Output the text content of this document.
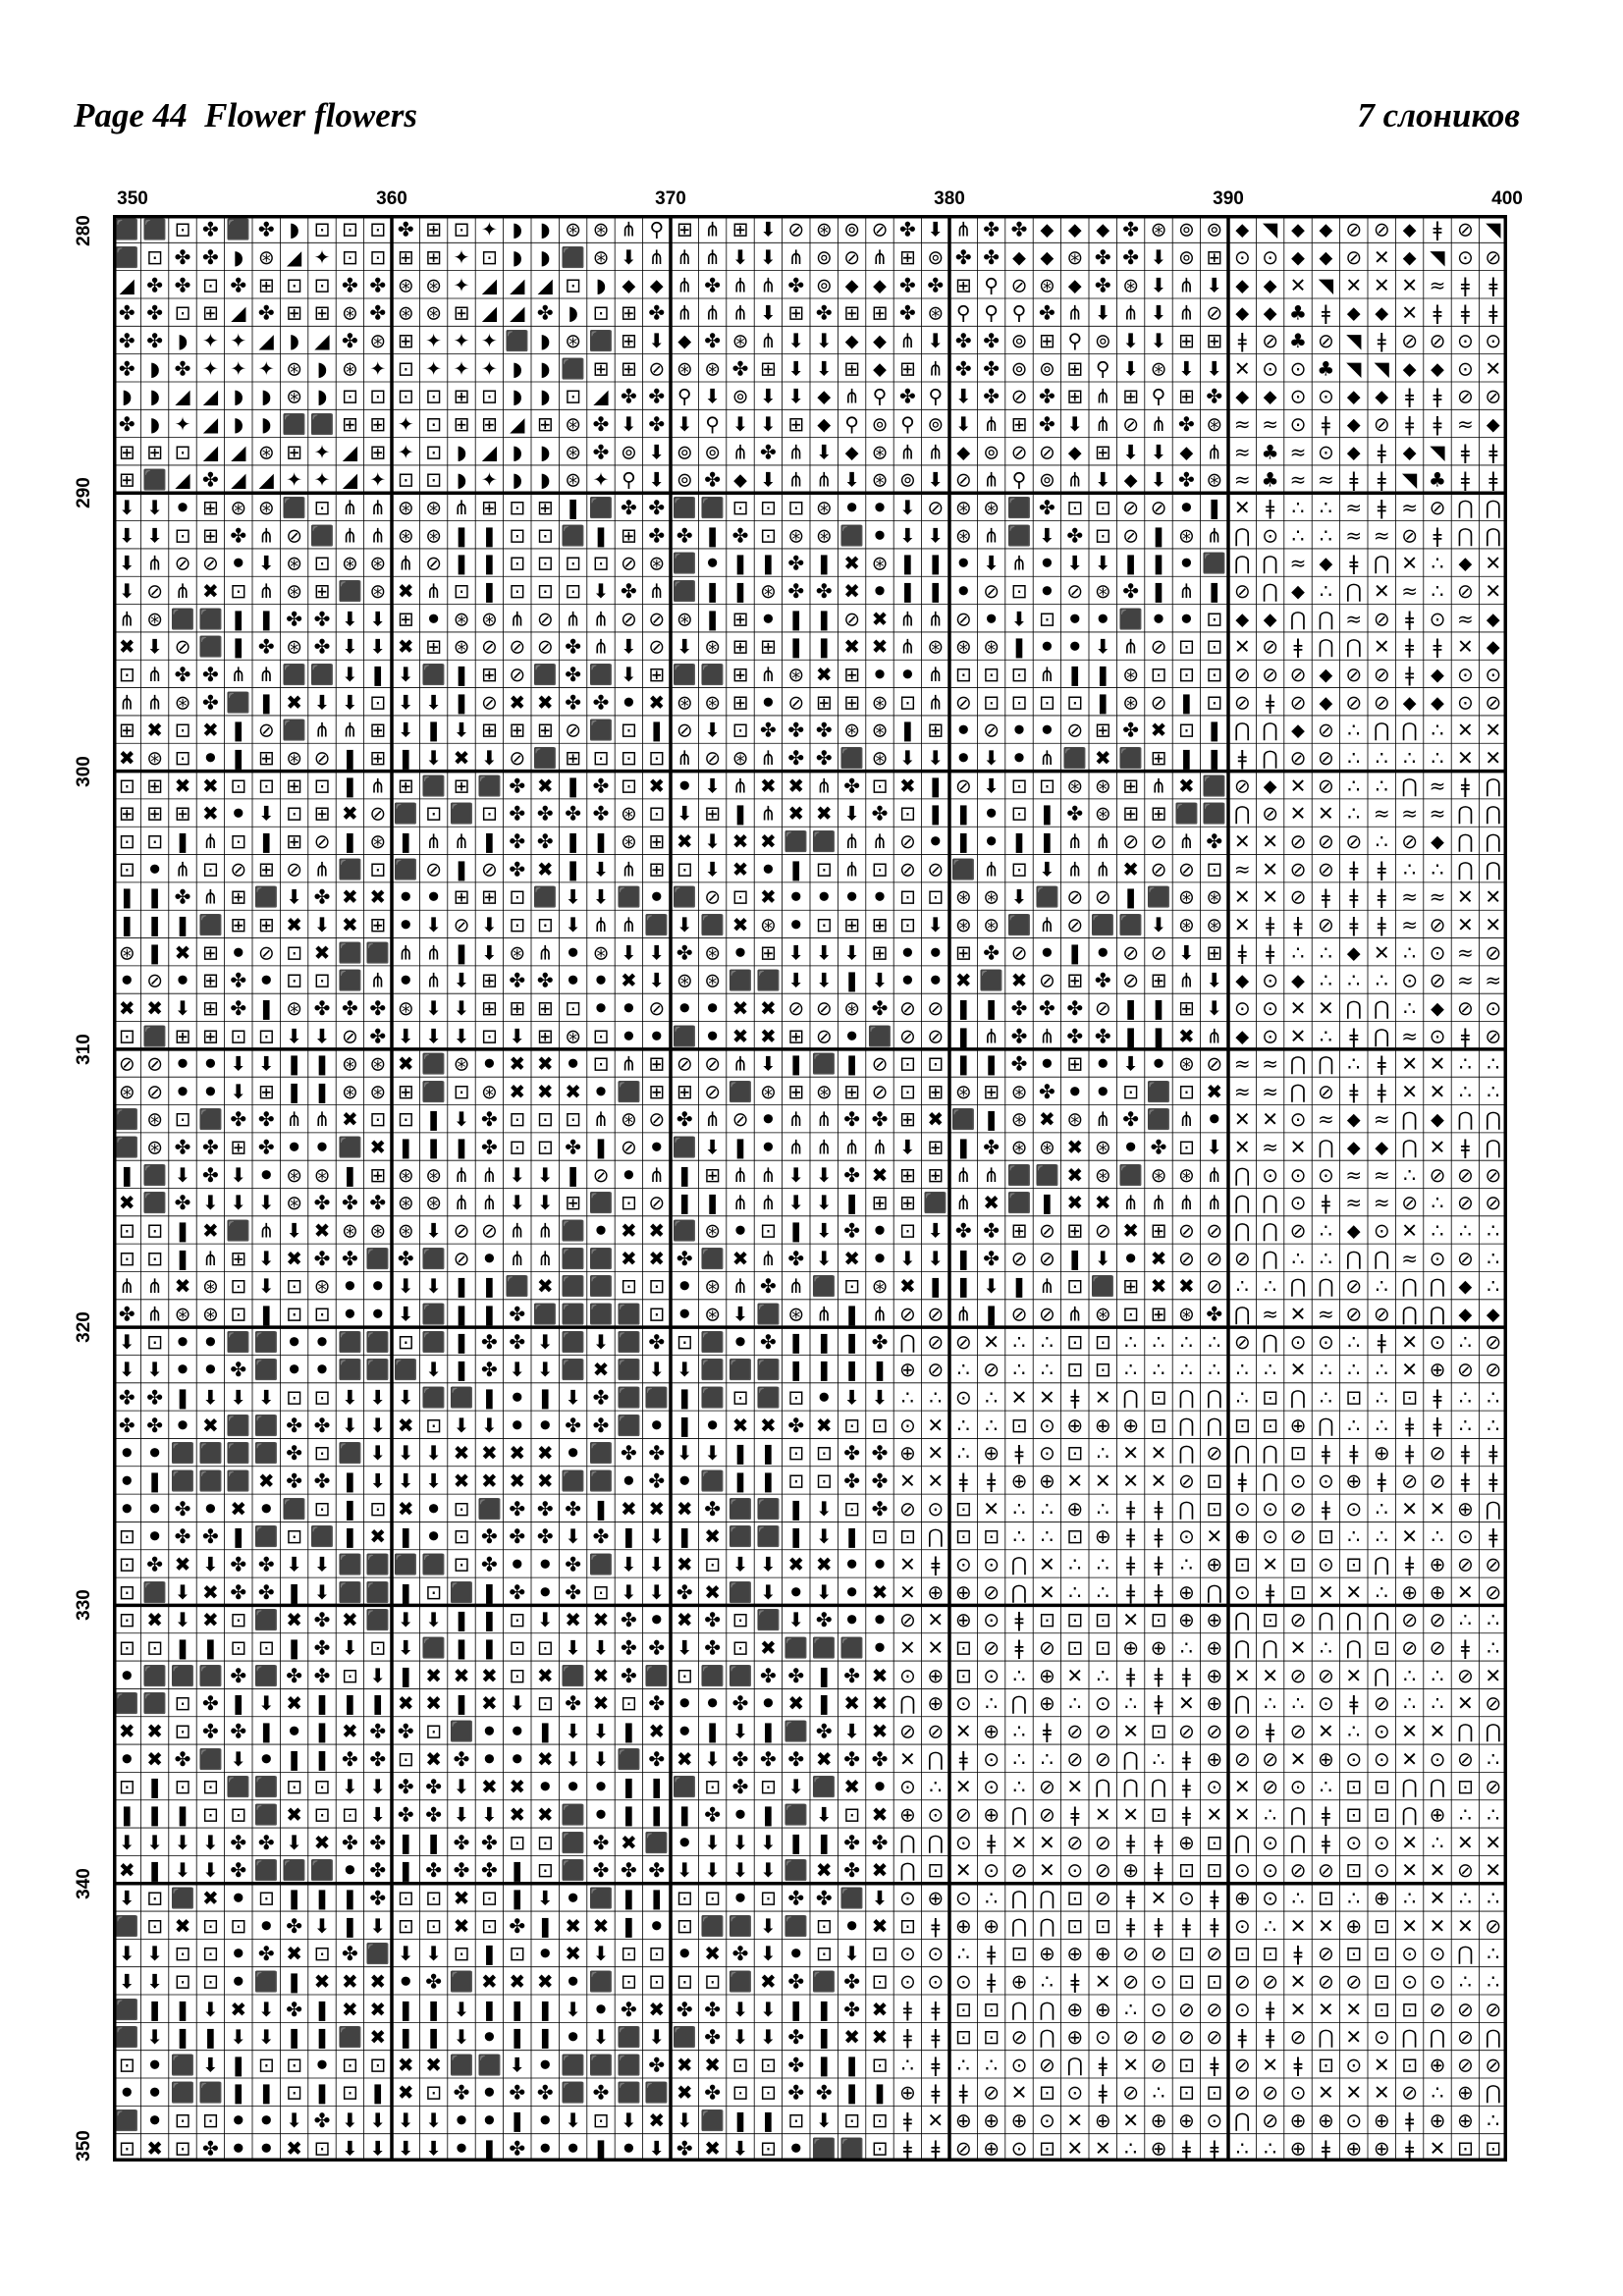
Page 44  Flower flowers	7 слоников
350	360	370	380	390	400
280
290
300
310
320
330
340
350
⬛ ⬛ ⊡ ✤ ⬛ ✤ ◗ ⊡ ⊡ ⊡ ✤ ⊞ ⊡ ✦ ◗ ◗ ⊛ ⊛ ⋔ ⚲ ⊞ ⋔ ⊞ ⬇ ⊘ ⊛ ⊚ ⊘ ✤ ⬇ ⋔ ✤ ✤ ⬥ ⬥ ⬥ ✤ ⊛ ⊚ ⊚ ⬥ ◥ ⬥ ⬥ ⊘ ⊘ ⬥ ǂ ⊘ ◥
⬛ ⊡ ✤ ✤ ◗ ⊛ ◢ ✦ ⊡ ⊡ ⊞ ⊞ ✦ ⊡ ◗ ◗ ⬛ ⊛ ⬇ ⋔ ⋔ ⋔ ⬇ ⬇ ⋔ ⊚ ⊘ ⋔ ⊞ ⊚ ✤ ✤ ⬥ ⬥ ⊛ ✤ ✤ ⬇ ⊚ ⊞ ⊙ ⊙ ⬥ ⬥ ⊘ ✕ ⬥ ◥ ⊙ ⊘
◢ ✤ ✤ ⊡ ✤ ⊞ ⊡ ⊡ ✤ ✤ ⊛ ⊛ ✦ ◢ ◢ ◢ ⊡ ◗ ⬥ ⬥ ⋔ ✤ ⋔ ⋔ ✤ ⊚ ⬥ ⬥ ✤ ✤ ⊞ ⚲ ⊘ ⊛ ⬥ ✤ ⊛ ⬇ ⋔ ⬇ ⬥ ⬥ ✕ ◥ ✕ ✕ ✕ ≈ ǂ ǂ
✤ ✤ ⊡ ⊞ ◢ ✤ ⊞ ⊞ ⊛ ✤ ⊛ ⊛ ⊞ ◢ ◢ ✤ ◗ ⊡ ⊞ ✤ ⋔ ⋔ ⋔ ⬇ ⊞ ✤ ⊞ ⊞ ✤ ⊛ ⚲ ⚲ ⚲ ✤ ⋔ ⬇ ⋔ ⬇ ⋔ ⊘ ⬥ ⬥ ♣ ǂ ⬥ ⬥ ✕ ǂ ǂ ǂ
✤ ✤ ◗ ✦ ✦ ◢ ◗ ◢ ✤ ⊛ ⊞ ✦ ✦ ✦ ⬛ ◗ ⊛ ⬛ ⊞ ⬇ ⬥ ✤ ⊛ ⋔ ⬇ ⬇ ⬥ ⬥ ⋔ ⬇ ✤ ✤ ⊚ ⊞ ⚲ ⊚ ⬇ ⬇ ⊞ ⊞ ǂ ⊘ ♣ ⊘ ◥ ǂ ⊘ ⊘ ⊙ ⊙
✤ ◗ ✤ ✦ ✦ ✦ ⊛ ◗ ⊛ ✦ ⊡ ✦ ✦ ✦ ◗ ◗ ⬛ ⊞ ⊞ ⊘ ⊛ ⊛ ✤ ⊞ ⬇ ⬇ ⊞ ⬥ ⊞ ⋔ ✤ ✤ ⊚ ⊚ ⊞ ⚲ ⬇ ⊛ ⬇ ⬇ ✕ ⊙ ⊙ ♣ ◥ ◥ ⬥ ⬥ ⊙ ✕
◗ ◗ ◢ ◢ ◗ ◗ ⊛ ◗ ⊡ ⊡ ⊡ ⊡ ⊞ ⊡ ◗ ◗ ⊡ ◢ ✤ ✤ ⚲ ⬇ ⊚ ⬇ ⬇ ⬥ ⋔ ⚲ ✤ ⚲ ⬇ ✤ ⊘ ✤ ⊞ ⋔ ⊞ ⚲ ⊞ ✤ ⬥ ⬥ ⊙ ⊙ ⬥ ⬥ ǂ ǂ ⊘ ⊘
✤ ◗ ✦ ◢ ◗ ◗ ⬛ ⬛ ⊞ ⊞ ✦ ⊡ ⊞ ⊞ ◢ ⊞ ⊛ ✤ ⬇ ✤ ⬇ ⚲ ⬇ ⬇ ⊞ ⬥ ⚲ ⊚ ⚲ ⊚ ⬇ ⋔ ⊞ ✤ ⬇ ⋔ ⊘ ⋔ ✤ ⊛ ≈ ≈ ⊙ ǂ ⬥ ⊘ ǂ ǂ ≈ ⬥
⊞ ⊞ ⊡ ◢ ◢ ⊛ ⊞ ✦ ◢ ⊞ ✦ ⊡ ◗ ◢ ◗ ◗ ⊛ ✤ ⊚ ⬇ ⊚ ⊚ ⋔ ✤ ⋔ ⬇ ⬥ ⊛ ⋔ ⋔ ⬥ ⊚ ⊘ ⊘ ⬥ ⊞ ⬇ ⬇ ⬥ ⋔ ≈ ♣ ≈ ⊙ ⬥ ǂ ⬥ ◥ ǂ ǂ
⊞ ⬛ ◢ ✤ ◢ ◢ ✦ ✦ ◢ ✦ ⊡ ⊡ ◗ ✦ ◗ ◗ ⊛ ✦ ⚲ ⬇ ⊚ ✤ ⬥ ⬇ ⋔ ⋔ ⬇ ⊛ ⊚ ⬇ ⊘ ⋔ ⚲ ⊚ ⋔ ⬇ ⬥ ⬇ ✤ ⊛ ≈ ♣ ≈ ≈ ǂ ǂ ◥ ♣ ǂ ǂ
⬇ ⬇ ⚫ ⊞ ⊛ ⊛ ⬛ ⊡ ⋔ ⋔ ⊛ ⊛ ⋔ ⊞ ⊡ ⊞ ❚ ⬛ ✤ ✤ ⬛ ⬛ ⊡ ⊡ ⊡ ⊛ ⚫ ⚫ ⬇ ⊘ ⊛ ⊛ ⬛ ✤ ⊡ ⊡ ⊘ ⊘ ⚫ ❚ ✕ ǂ ∴ ∴ ≈ ǂ ≈ ⊘ ⋂ ⋂
⬇ ⬇ ⊡ ⊞ ✤ ⋔ ⊘ ⬛ ⋔ ⋔ ⊛ ⊛ ❚ ❚ ⊡ ⊡ ⬛ ❚ ⊞ ✤ ✤ ❚ ✤ ⊡ ⊛ ⊛ ⬛ ⚫ ⬇ ⬇ ⊛ ⋔ ⬛ ⬇ ✤ ⊡ ⊘ ❚ ⊛ ⋔ ⋂ ⊙ ∴ ∴ ≈ ≈ ⊘ ǂ ⋂ ⋂
⬇ ⋔ ⊘ ⊘ ⚫ ⬇ ⊛ ⊡ ⊛ ⊛ ⋔ ⊘ ❚ ❚ ⊡ ⊡ ⊡ ⊡ ⊘ ⊛ ⬛ ⚫ ❚ ❚ ✤ ❚ ✖ ⊛ ❚ ❚ ⚫ ⬇ ⋔ ⚫ ⬇ ⬇ ❚ ❚ ⚫ ⬛ ⋂ ⋂ ≈ ⬥ ǂ ⋂ ✕ ∴ ⬥ ✕
⬇ ⊘ ⋔ ✖ ⊡ ⋔ ⊛ ⊞ ⬛ ⊛ ✖ ⋔ ⊡ ❚ ⊡ ⊡ ⊡ ⬇ ✤ ⋔ ⬛ ❚ ❚ ⊛ ✤ ✤ ✖ ⚫ ❚ ❚ ⚫ ⊘ ⊡ ⚫ ⊘ ⊛ ✤ ❚ ⋔ ❚ ⊘ ⋂ ⬥ ∴ ⋂ ✕ ≈ ∴ ⊘ ✕
⋔ ⊛ ⬛ ⬛ ❚ ❚ ✤ ✤ ⬇ ⬇ ⊞ ⚫ ⊛ ⊛ ⋔ ⊘ ⋔ ⋔ ⊘ ⊘ ⊛ ❚ ⊞ ⚫ ❚ ❚ ⊘ ✖ ⋔ ⋔ ⊘ ⚫ ⬇ ⊡ ⚫ ⚫ ⬛ ⚫ ⚫ ⊡ ⬥ ⬥ ⋂ ⋂ ≈ ⊘ ǂ ⊙ ≈ ⬥
✖ ⬇ ⊘ ⬛ ❚ ✤ ⊛ ✤ ⬇ ⬇ ✖ ⊞ ⊛ ⊘ ⊘ ⊘ ✤ ⋔ ⬇ ⊘ ⬇ ⊛ ⊞ ⊞ ❚ ❚ ✖ ✖ ⋔ ⊛ ⊛ ⊛ ❚ ⚫ ⚫ ⬇ ⋔ ⊘ ⊡ ⊡ ✕ ⊘ ǂ ⋂ ⋂ ✕ ǂ ǂ ✕ ⬥
⊡ ⋔ ✤ ✤ ⋔ ⋔ ⬛ ⬛ ⬇ ❚ ⬇ ⬛ ❚ ⊞ ⊘ ⬛ ✤ ⬛ ⬇ ⊞ ⬛ ⬛ ⊞ ⋔ ⊛ ✖ ⊞ ⚫ ⚫ ⋔ ⊡ ⊡ ⊡ ⋔ ❚ ❚ ⊛ ⊡ ⊡ ⊡ ⊘ ⊘ ⊘ ⬥ ⊘ ⊘ ǂ ⬥ ⊙ ⊙
⋔ ⋔ ⊛ ✤ ⬛ ❚ ✖ ⬇ ⬇ ⊡ ⬇ ⬇ ❚ ⊘ ✖ ✖ ✤ ✤ ⚫ ✖ ⊛ ⊛ ⊞ ⚫ ⊘ ⊞ ⊞ ⊛ ⊡ ⋔ ⊘ ⊡ ⊡ ⊡ ⊡ ❚ ⊛ ⊘ ❚ ⊡ ⊘ ǂ ⊘ ⬥ ⊘ ⊘ ⬥ ⬥ ⊙ ⊘
⊞ ✖ ⊡ ✖ ❚ ⊘ ⬛ ⋔ ⋔ ⊞ ⬇ ❚ ⬇ ⊞ ⊞ ⊞ ⊘ ⬛ ⊡ ❚ ⊘ ⬇ ⊡ ✤ ✤ ✤ ⊛ ⊛ ❚ ⊞ ⚫ ⊘ ⚫ ⚫ ⊘ ⊞ ✤ ✖ ⊡ ❚ ⋂ ⋂ ⬥ ⊘ ∴ ⋂ ⋂ ∴ ✕ ✕
✖ ⊛ ⊡ ⚫ ❚ ⊞ ⊛ ⊘ ❚ ⊞ ❚ ⬇ ✖ ⬇ ⊘ ⬛ ⊞ ⊡ ⊡ ⊡ ⋔ ⊘ ⊛ ⋔ ✤ ✤ ⬛ ⊛ ⬇ ⬇ ⚫ ⬇ ⚫ ⋔ ⬛ ✖ ⬛ ⊞ ❚ ❚ ǂ ⋂ ⊘ ⊘ ∴ ∴ ∴ ∴ ✕ ✕
⊡ ⊞ ✖ ✖ ⊡ ⊡ ⊞ ⊡ ❚ ⋔ ⊞ ⬛ ⊞ ⬛ ✤ ✖ ❚ ✤ ⊡ ✖ ⚫ ⬇ ⋔ ✖ ✖ ⋔ ✤ ⊡ ✖ ❚ ⊘ ⬇ ⊡ ⊡ ⊛ ⊛ ⊞ ⋔ ✖ ⬛ ⊘ ⬥ ✕ ⊘ ∴ ∴ ⋂ ≈ ǂ ⋂
⊞ ⊞ ⊞ ✖ ⚫ ⬇ ⊡ ⊞ ✖ ⊘ ⬛ ⊡ ⬛ ⊡ ✤ ✤ ✤ ✤ ⊛ ⊡ ⬇ ⊞ ❚ ⋔ ✖ ✖ ⬇ ✤ ⊡ ❚ ❚ ⚫ ⊡ ❚ ✤ ⊛ ⊞ ⊞ ⬛ ⬛ ⋂ ⊘ ✕ ✕ ∴ ≈ ≈ ≈ ⋂ ⋂
⊡ ⊡ ❚ ⋔ ⊡ ❚ ⊞ ⊘ ❚ ⊛ ❚ ⋔ ⋔ ❚ ✤ ✤ ❚ ❚ ⊛ ⊞ ✖ ⬇ ✖ ✖ ⬛ ⬛ ⋔ ⋔ ⊘ ⚫ ❚ ⚫ ❚ ❚ ⋔ ⋔ ⊘ ⊘ ⋔ ✤ ✕ ✕ ⊘ ⊘ ⊘ ∴ ⊘ ⬥ ⋂ ⋂
⊡ ⚫ ⋔ ⊡ ⊘ ⊞ ⊘ ⋔ ⬛ ⊡ ⬛ ⊘ ❚ ⊘ ✤ ✖ ❚ ⬇ ⋔ ⊞ ⊡ ⬇ ✖ ⚫ ❚ ⊡ ⋔ ⊡ ⊘ ⊘ ⬛ ⋔ ⊡ ⬇ ⋔ ⋔ ✖ ⊘ ⊘ ⊡ ≈ ✕ ⊘ ⊘ ǂ ǂ ∴ ∴ ⋂ ⋂
❚ ❚ ✤ ⋔ ⊞ ⬛ ⬇ ✤ ✖ ✖ ⚫ ⚫ ⊞ ⊞ ⊡ ⬛ ⬇ ⬇ ⬛ ⚫ ⬛ ⊘ ⊡ ✖ ⚫ ⚫ ⚫ ⚫ ⊡ ⊡ ⊛ ⊛ ⬇ ⬛ ⊘ ⊘ ❚ ⬛ ⊛ ⊛ ✕ ✕ ⊘ ǂ ǂ ǂ ≈ ≈ ✕ ✕
❚ ❚ ❚ ⬛ ⊞ ⊞ ✖ ⬇ ✖ ⊞ ⚫ ⬇ ⊘ ⬇ ⊡ ⊡ ⬇ ⋔ ⋔ ⬛ ⬇ ⬛ ✖ ⊛ ⚫ ⊡ ⊞ ⊞ ⊡ ⬇ ⊛ ⊛ ⬛ ⋔ ⊘ ⬛ ⬛ ⬇ ⊛ ⊛ ✕ ǂ ǂ ⊘ ǂ ǂ ≈ ⊘ ✕ ✕
⊛ ❚ ✖ ⊞ ⚫ ⊘ ⊡ ✖ ⬛ ⬛ ⋔ ⋔ ❚ ⬇ ⊛ ⋔ ⚫ ⊛ ⬇ ⬇ ✤ ⊛ ⚫ ⊞ ⬇ ⬇ ⬇ ⊞ ⚫ ⚫ ⊞ ✤ ⊘ ⚫ ❚ ⚫ ⊘ ⊘ ⬇ ⊞ ǂ ǂ ∴ ∴ ⬥ ✕ ∴ ⊙ ≈ ⊘
⚫ ⊘ ⚫ ⊞ ✤ ⚫ ⊡ ⊡ ⬛ ⋔ ⚫ ⋔ ⬇ ⊞ ✤ ✤ ⚫ ⚫ ✖ ⬇ ⊛ ⊛ ⬛ ⬛ ⬇ ⬇ ❚ ⬇ ⚫ ⚫ ✖ ⬛ ✖ ⊘ ⊞ ✤ ⊘ ⊞ ⋔ ⬇ ⬥ ⊙ ⬥ ∴ ∴ ∴ ⊙ ⊘ ≈ ≈
✖ ✖ ⬇ ⊞ ✤ ❚ ⊛ ✤ ✤ ✤ ⊛ ⬇ ⬇ ⊞ ⊞ ⊞ ⊡ ⚫ ⚫ ⊘ ⚫ ⚫ ✖ ✖ ⊘ ⊘ ⊛ ✤ ⊘ ⊘ ❚ ❚ ✤ ✤ ✤ ⊘ ❚ ❚ ⊞ ⬇ ⊙ ⊙ ✕ ✕ ⋂ ⋂ ∴ ⬥ ⊘ ⊙
⊡ ⬛ ⊞ ⊞ ⊡ ⊡ ⬇ ⬇ ⊘ ✤ ⬇ ⬇ ⬇ ⊡ ⬇ ⊞ ⊛ ⊡ ⚫ ⚫ ⬛ ⚫ ✖ ✖ ⊞ ⊘ ⚫ ⬛ ⊘ ⊘ ❚ ⋔ ✤ ⋔ ✤ ✤ ❚ ❚ ✖ ⋔ ⬥ ⊙ ✕ ∴ ǂ ⋂ ≈ ⊙ ǂ ⊘
⊘ ⊘ ⚫ ⚫ ⬇ ⬇ ❚ ❚ ⊛ ⊛ ✖ ⬛ ⊛ ⚫ ✖ ✖ ⚫ ⊡ ⋔ ⊞ ⊘ ⊘ ⋔ ⬇ ❚ ⬛ ❚ ⊘ ⊡ ⊡ ❚ ❚ ✤ ⚫ ⊞ ⚫ ⬇ ⚫ ⊛ ⊘ ≈ ≈ ⋂ ⋂ ∴ ǂ ✕ ✕ ∴ ∴
⊛ ⊘ ⚫ ⚫ ⬇ ⊞ ❚ ❚ ⊛ ⊛ ⊞ ⬛ ⊡ ⊛ ✖ ✖ ✖ ⚫ ⬛ ⊞ ⊞ ⊘ ⬛ ⊛ ⊞ ⊛ ⊞ ⊘ ⊡ ⊞ ⊛ ⊞ ⊛ ✤ ⚫ ⚫ ⊡ ⬛ ⊡ ✖ ≈ ≈ ⋂ ⊘ ǂ ǂ ✕ ✕ ∴ ∴
⬛ ⊛ ⊡ ⬛ ✤ ✤ ⋔ ⋔ ✖ ⊡ ⊡ ❚ ⬇ ✤ ⊡ ⊡ ⊡ ⋔ ⊛ ⊘ ✤ ⋔ ⊘ ⚫ ⋔ ⋔ ✤ ✤ ⊞ ✖ ⬛ ❚ ⊛ ✖ ⊛ ⋔ ✤ ⬛ ⋔ ⚫ ✕ ✕ ⊙ ≈ ⬥ ≈ ⋂ ⬥ ⋂ ⋂
⬛ ⊛ ✤ ✤ ⊞ ✤ ⚫ ⚫ ⬛ ✖ ❚ ❚ ❚ ✤ ⊡ ⊡ ✤ ❚ ⊘ ⚫ ⬛ ⬇ ❚ ⚫ ⋔ ⋔ ⋔ ⋔ ⬇ ⊞ ❚ ✤ ⊛ ⊛ ✖ ⊛ ⚫ ✤ ⊡ ⬇ ✕ ≈ ✕ ⋂ ⬥ ⬥ ⋂ ✕ ǂ ⋂
❚ ⬛ ⬇ ✤ ⬇ ⚫ ⊛ ⊛ ❚ ⊞ ⊛ ⊛ ⋔ ⋔ ⬇ ⬇ ❚ ⊘ ⚫ ⋔ ❚ ⊞ ⋔ ⋔ ⬇ ⬇ ✤ ✖ ⊞ ⊞ ⋔ ⋔ ⬛ ⬛ ✖ ⊛ ⬛ ⊛ ⊛ ⋔ ⋂ ⊙ ⊙ ⊙ ≈ ≈ ∴ ⊘ ⊘ ⊘
✖ ⬛ ✤ ⬇ ⬇ ⬇ ⊛ ✤ ✤ ✤ ⊛ ⊛ ⋔ ⋔ ⬇ ⬇ ⊞ ⬛ ⊡ ⊘ ❚ ❚ ⋔ ⋔ ⬇ ⬇ ❚ ⊞ ⊞ ⬛ ⋔ ✖ ⬛ ❚ ✖ ✖ ⋔ ⋔ ⋔ ⋔ ⋂ ⋂ ⊙ ǂ ≈ ≈ ⊘ ∴ ⊘ ⊘
⊡ ⊡ ❚ ✖ ⬛ ⋔ ⬇ ✖ ⊛ ⊛ ⊛ ⬇ ⊘ ⊘ ⋔ ⋔ ⬛ ⚫ ✖ ✖ ⬛ ⊛ ⚫ ⊡ ❚ ⬇ ✤ ⚫ ⊡ ⬇ ✤ ✤ ⊞ ⊘ ⊞ ⊘ ✖ ⊞ ⊘ ⊘ ⋂ ⋂ ⊘ ∴ ⬥ ⊙ ✕ ∴ ∴ ∴
⊡ ⊡ ❚ ⋔ ⊞ ⬇ ✖ ✤ ✤ ⬛ ✤ ⬛ ⊘ ⚫ ⋔ ⋔ ⬛ ⬛ ✖ ✖ ✤ ⬛ ✖ ⋔ ✤ ⬇ ✖ ⚫ ⬇ ⬇ ❚ ✤ ⊘ ⊘ ❚ ⬇ ⚫ ✖ ⊘ ⊘ ⊘ ⋂ ∴ ∴ ⋂ ⋂ ≈ ⊙ ⊘ ∴
⋔ ⋔ ✖ ⊛ ⊡ ⬇ ⊡ ⊛ ⚫ ⚫ ⬇ ⬇ ❚ ❚ ⬛ ✖ ⬛ ⬛ ⊡ ⊡ ⚫ ⊛ ⋔ ✤ ⋔ ⬛ ⊡ ⊛ ✖ ❚ ❚ ⬇ ❚ ⋔ ⊡ ⬛ ⊞ ✖ ✖ ⊘ ∴ ∴ ⋂ ⋂ ⊘ ∴ ⋂ ⋂ ⬥ ∴
✤ ⋔ ⊛ ⊛ ⊡ ❚ ⊡ ⊡ ⚫ ⚫ ⬇ ⬛ ❚ ❚ ✤ ⬛ ⬛ ⬛ ⬛ ⊡ ⚫ ⊛ ⬇ ⬛ ⊛ ⋔ ❚ ⋔ ⊘ ⊘ ⋔ ❚ ⊘ ⊘ ⋔ ⊛ ⊡ ⊞ ⊛ ✤ ⋂ ≈ ✕ ≈ ⊘ ⊘ ⋂ ⋂ ⬥ ⬥
⬇ ⊡ ⚫ ⚫ ⬛ ⬛ ⚫ ⚫ ⬛ ⬛ ⊡ ⬛ ❚ ✤ ✤ ⬇ ⬛ ⬇ ⬛ ✤ ⊡ ⬛ ⚫ ✤ ❚ ❚ ❚ ✤ ⋂ ⊘ ⊘ ✕ ∴ ∴ ⊡ ⊡ ∴ ∴ ∴ ∴ ⊘ ⋂ ⊙ ⊙ ∴ ǂ ✕ ⊙ ∴ ⊘
⬇ ⬇ ⚫ ⚫ ✤ ⬛ ⚫ ⚫ ⬛ ⬛ ⬛ ⬇ ❚ ✤ ⬇ ⬇ ⬛ ✖ ⬛ ⬇ ⬇ ⬛ ⬛ ⬛ ❚ ❚ ❚ ❚ ⊕ ⊘ ∴ ⊘ ∴ ∴ ⊡ ⊡ ∴ ∴ ∴ ∴ ∴ ∴ ✕ ∴ ∴ ∴ ✕ ⊕ ⊘ ⊘
✤ ✤ ❚ ⬇ ⬇ ⬇ ⊡ ⊡ ⬇ ⬇ ⬇ ⬛ ⬛ ❚ ⚫ ❚ ⬇ ✤ ⬛ ⬛ ❚ ⬛ ⊡ ⬛ ⊡ ⚫ ⬇ ⬇ ∴ ∴ ⊙ ∴ ✕ ✕ ǂ ✕ ⋂ ⊡ ⋂ ⋂ ∴ ⊡ ⋂ ∴ ⊡ ∴ ⊡ ǂ ∴ ∴
✤ ✤ ⚫ ✖ ⬛ ⬛ ✤ ✤ ⬇ ⬇ ✖ ⊡ ⬇ ⬇ ⚫ ⚫ ✤ ✤ ⬛ ⚫ ❚ ⚫ ✖ ✖ ✤ ✖ ⊡ ⊡ ⊙ ✕ ∴ ∴ ⊡ ⊙ ⊕ ⊕ ⊕ ⊡ ⋂ ⋂ ⊡ ⊡ ⊕ ⋂ ∴ ∴ ǂ ǂ ∴ ∴
⚫ ⚫ ⬛ ⬛ ⬛ ⬛ ✤ ⊡ ⬛ ⬇ ⬇ ⬇ ✖ ✖ ✖ ✖ ⚫ ⬛ ✤ ✤ ⬇ ⬇ ❚ ❚ ⊡ ⊡ ✤ ✤ ⊕ ✕ ∴ ⊕ ǂ ⊙ ⊡ ∴ ✕ ✕ ⋂ ⊘ ⋂ ⋂ ⊡ ǂ ǂ ⊕ ǂ ⊘ ǂ ǂ
⚫ ❚ ⬛ ⬛ ⬛ ✖ ✤ ✤ ❚ ⬇ ⬇ ⬇ ✖ ✖ ✖ ✖ ⬛ ⬛ ⚫ ✤ ⚫ ⬛ ❚ ❚ ⊡ ⊡ ✤ ✤ ✕ ✕ ǂ ǂ ⊕ ⊕ ✕ ✕ ✕ ✕ ⊘ ⊡ ǂ ⋂ ⊙ ⊙ ⊕ ǂ ⊘ ⊘ ǂ ǂ
⚫ ⚫ ✤ ⚫ ✖ ⚫ ⬛ ⊡ ❚ ⊡ ✖ ⚫ ⊡ ⬛ ✤ ✤ ✤ ❚ ✖ ✖ ✖ ✤ ⬛ ⬛ ❚ ⬇ ⊡ ✤ ⊘ ⊙ ⊡ ✕ ∴ ∴ ⊕ ∴ ǂ ǂ ⋂ ⊡ ⊙ ⊙ ⊘ ǂ ⊙ ∴ ✕ ✕ ⊕ ⋂
⊡ ⚫ ✤ ✤ ❚ ⬛ ⊡ ⬛ ❚ ✖ ❚ ⚫ ⊡ ✤ ✤ ✤ ⬇ ✤ ❚ ⬇ ❚ ✖ ⬛ ⬛ ❚ ⬇ ❚ ⊡ ⊡ ⋂ ⊡ ⊡ ∴ ∴ ⊡ ⊕ ǂ ǂ ⊙ ✕ ⊕ ⊙ ⊘ ⊡ ∴ ∴ ✕ ∴ ⊙ ǂ
⊡ ✤ ✖ ⬇ ✤ ✤ ⬇ ⬇ ⬛ ⬛ ⬛ ⬛ ⊡ ✤ ⚫ ⚫ ✤ ⬛ ⬇ ⬇ ✖ ⊡ ⬇ ⬇ ✖ ✖ ⚫ ⚫ ✕ ǂ ⊙ ⊙ ⋂ ✕ ∴ ∴ ǂ ǂ ∴ ⊕ ⊡ ✕ ⊡ ⊙ ⊡ ⋂ ǂ ⊕ ⊘ ⊘
⊡ ⬛ ⬇ ✖ ✤ ✤ ❚ ⬇ ⬛ ⬛ ❚ ⊡ ⬛ ❚ ✤ ⚫ ✤ ⊡ ⬇ ⬇ ✤ ✖ ⬛ ⬇ ⚫ ⬇ ⚫ ✖ ✕ ⊕ ⊕ ⊘ ⋂ ✕ ∴ ∴ ǂ ǂ ⊕ ⋂ ⊙ ǂ ⊡ ✕ ✕ ∴ ⊕ ⊕ ✕ ⊘
⊡ ✖ ⬇ ✖ ⊡ ⬛ ✖ ✤ ✖ ⬛ ⬇ ⬇ ❚ ❚ ⊡ ⬇ ✖ ✖ ✤ ⚫ ✖ ✤ ⊡ ⬛ ⬇ ✤ ⚫ ⚫ ⊘ ✕ ⊕ ⊙ ǂ ⊡ ⊡ ⊡ ✕ ⊡ ⊕ ⊕ ⋂ ⊡ ⊘ ⋂ ⋂ ⋂ ⊘ ⊘ ∴ ∴
⊡ ⊡ ❚ ❚ ⊡ ⊡ ❚ ✤ ⬇ ⊡ ⬇ ⬛ ❚ ❚ ⊡ ⊡ ⬇ ⬇ ✤ ✤ ⬇ ✤ ⊡ ✖ ⬛ ⬛ ⬛ ⚫ ✕ ✕ ⊡ ⊘ ǂ ⊘ ⊡ ⊡ ⊕ ⊕ ∴ ⊕ ⋂ ⋂ ✕ ∴ ⋂ ⊡ ⊘ ⊘ ǂ ∴
⚫ ⬛ ⬛ ⬛ ✤ ⬛ ✤ ✤ ⊡ ⬇ ❚ ✖ ✖ ✖ ⊡ ✖ ⬛ ✖ ✤ ⬛ ⊡ ⬛ ⬛ ✤ ✤ ❚ ✤ ✖ ⊙ ⊕ ⊡ ⊙ ∴ ⊕ ✕ ∴ ǂ ǂ ǂ ⊕ ✕ ✕ ⊘ ⊘ ✕ ⋂ ∴ ∴ ⊘ ✕
⬛ ⬛ ⊡ ✤ ❚ ⬇ ✖ ❚ ❚ ❚ ✖ ✖ ❚ ✖ ⬇ ⊡ ✤ ✖ ⊡ ✤ ⚫ ⚫ ✤ ⚫ ✖ ❚ ✖ ✖ ⋂ ⊕ ⊙ ∴ ⋂ ⊕ ∴ ⊙ ∴ ǂ ✕ ⊕ ⋂ ∴ ∴ ⊙ ǂ ⊘ ∴ ∴ ✕ ⊘
✖ ✖ ⊡ ✤ ✤ ❚ ⚫ ❚ ✖ ✤ ✤ ⊡ ⬛ ⚫ ⚫ ❚ ⬇ ⬇ ❚ ✖ ⚫ ❚ ⬇ ❚ ⬛ ✤ ⬇ ✖ ⊘ ⊘ ✕ ⊕ ∴ ǂ ⊘ ⊘ ✕ ⊡ ⊘ ⊘ ⊘ ǂ ⊘ ✕ ∴ ⊙ ✕ ✕ ⋂ ⋂
⚫ ✖ ✤ ⬛ ⬇ ⚫ ❚ ❚ ✤ ✤ ⊡ ✖ ✤ ⚫ ⚫ ✖ ⬇ ⬇ ⬛ ✤ ✖ ⬇ ✤ ✤ ✤ ✖ ✤ ✤ ✕ ⋂ ǂ ⊙ ∴ ∴ ⊘ ⊘ ⋂ ∴ ǂ ⊕ ⊘ ⊘ ✕ ⊕ ⊙ ⊙ ✕ ⊙ ⊘ ∴
⊡ ❚ ⊡ ⊡ ⬛ ⬛ ⊡ ⊡ ⬇ ⬇ ✤ ✤ ⬇ ✖ ✖ ⚫ ⚫ ⚫ ❚ ❚ ⬛ ⊡ ✤ ⊡ ⬇ ⬛ ✖ ⚫ ⊙ ∴ ✕ ⊙ ∴ ⊘ ✕ ⋂ ⋂ ⋂ ǂ ⊙ ✕ ⊘ ⊙ ∴ ⊡ ⊡ ⋂ ⋂ ⊡ ⊘
❚ ❚ ❚ ⊡ ⊡ ⬛ ✖ ⊡ ⊡ ⬇ ✤ ✤ ⬇ ⬇ ✖ ✖ ⬛ ⚫ ❚ ❚ ❚ ✤ ⚫ ❚ ⬛ ⬇ ⊡ ✖ ⊕ ⊙ ⊘ ⊕ ⋂ ⊘ ǂ ✕ ✕ ⊡ ǂ ✕ ✕ ∴ ⋂ ǂ ⊡ ⊡ ⋂ ⊕ ∴ ∴
⬇ ⬇ ⬇ ⬇ ✤ ✤ ⬇ ✖ ✤ ✤ ❚ ❚ ✤ ✤ ⊡ ⊡ ⬛ ✤ ✖ ⬛ ⚫ ⬇ ⬇ ⬇ ❚ ❚ ✤ ✤ ⋂ ⋂ ⊙ ǂ ✕ ✕ ⊘ ⊘ ǂ ǂ ⊕ ⊡ ⋂ ⊙ ⋂ ǂ ⊙ ⊙ ✕ ∴ ✕ ✕
✖ ❚ ⬇ ⬇ ✤ ⬛ ⬛ ⬛ ⚫ ✤ ❚ ✤ ✤ ✤ ❚ ⊡ ⬛ ✤ ✤ ✤ ⬇ ⬇ ⬇ ⬇ ⬛ ✖ ✤ ✖ ⋂ ⊡ ✕ ⊙ ⊘ ✕ ⊙ ⊘ ⊕ ǂ ⊡ ⊡ ⊙ ⊙ ⊘ ⊘ ⊡ ⊙ ✕ ✕ ⊘ ✕
⬇ ⊡ ⬛ ✖ ⚫ ⊡ ❚ ❚ ❚ ✤ ⊡ ⊡ ✖ ⊡ ❚ ⬇ ⚫ ⬛ ❚ ❚ ⊡ ⊡ ⚫ ⊡ ✤ ✤ ⬛ ⬇ ⊙ ⊕ ⊙ ∴ ⋂ ⋂ ⊡ ⊘ ǂ ✕ ⊙ ǂ ⊕ ⊙ ∴ ⊡ ∴ ⊕ ∴ ✕ ∴ ∴
⬛ ⊡ ✖ ⊡ ⊡ ⚫ ✤ ⬇ ❚ ⬇ ⊡ ⊡ ✖ ⊡ ✤ ❚ ✖ ✖ ❚ ⚫ ⊡ ⬛ ⬛ ⬇ ⬛ ⊡ ⚫ ✖ ⊡ ǂ ⊕ ⊕ ⋂ ⋂ ⊡ ⊡ ǂ ǂ ǂ ǂ ⊙ ∴ ✕ ✕ ⊕ ⊡ ✕ ✕ ✕ ⊘
⬇ ⬇ ⊡ ⊡ ⚫ ✤ ✖ ⊡ ✤ ⬛ ⬇ ⬇ ⊡ ❚ ⊡ ⚫ ✖ ⬇ ⊡ ⊡ ⚫ ✖ ✤ ⬇ ⚫ ⊡ ⬇ ⊡ ⊙ ⊙ ∴ ǂ ⊡ ⊕ ⊕ ⊕ ⊘ ⊘ ⊡ ⊘ ⊡ ⊡ ǂ ⊘ ⊡ ⊡ ⊙ ⊙ ⋂ ∴
⬇ ⬇ ⊡ ⊡ ⚫ ⬛ ❚ ✖ ✖ ✖ ⚫ ✤ ⬛ ✖ ✖ ✖ ⚫ ⬛ ⊡ ⊡ ⊡ ⊡ ⬛ ✖ ✤ ⬛ ✤ ⊡ ⊙ ⊙ ⊙ ǂ ⊕ ∴ ǂ ✕ ⊘ ⊙ ⊡ ⊡ ⊘ ⊘ ✕ ⊘ ⊘ ⊡ ⊙ ⊙ ∴ ∴
⬛ ❚ ❚ ⬇ ✖ ⬇ ✤ ❚ ✖ ✖ ❚ ❚ ⬇ ❚ ❚ ❚ ⬇ ⚫ ✤ ✖ ✤ ✤ ⬇ ⬇ ❚ ❚ ✤ ✖ ǂ ǂ ⊡ ⊡ ⋂ ⋂ ⊕ ⊕ ∴ ⊙ ⊘ ⊘ ⊙ ǂ ✕ ✕ ✕ ⊡ ⊡ ⊘ ⊘ ⊘
⬛ ⬇ ❚ ❚ ⬇ ⬇ ❚ ❚ ⬛ ✖ ❚ ❚ ⬇ ⚫ ❚ ❚ ⚫ ⬇ ⬛ ⬇ ⬛ ✤ ⬇ ⬇ ✤ ❚ ✖ ✖ ǂ ǂ ⊡ ⊡ ⊘ ⋂ ⊕ ⊙ ⊘ ⊘ ⊘ ⊘ ǂ ǂ ⊘ ⋂ ✕ ⊙ ⋂ ⋂ ⊘ ⋂
⊡ ⚫ ⬛ ⬇ ❚ ⊡ ⊡ ⚫ ⊡ ⊡ ✖ ✖ ⬛ ⬛ ⬇ ⚫ ⬛ ⬛ ⬛ ✤ ✖ ✖ ⊡ ⊡ ✤ ❚ ❚ ⊡ ∴ ǂ ∴ ∴ ⊙ ⊘ ⋂ ǂ ✕ ⊘ ⊡ ǂ ⊘ ✕ ǂ ⊡ ⊙ ✕ ⊡ ⊕ ⊘ ⊘
⚫ ⚫ ⬛ ⬛ ❚ ❚ ⊡ ❚ ⊡ ❚ ✖ ⊡ ✤ ⚫ ✤ ✤ ⬛ ✤ ⬛ ⬛ ✖ ✤ ⊡ ⊡ ✤ ✤ ❚ ❚ ⊕ ǂ ǂ ⊘ ✕ ⊡ ⊙ ǂ ⊘ ∴ ⊡ ⊡ ⊘ ⊘ ⊙ ✕ ✕ ✕ ⊘ ∴ ⊕ ⋂
⬛ ⚫ ⊡ ⊡ ⚫ ⚫ ⬇ ✤ ⬇ ⬇ ⬇ ⬇ ⚫ ⚫ ❚ ⚫ ⬇ ⊡ ⬇ ✖ ⬇ ⬛ ❚ ❚ ⊡ ⬇ ⊡ ⊡ ǂ ✕ ⊕ ⊕ ⊕ ⊙ ✕ ⊕ ✕ ⊕ ⊕ ⊙ ⋂ ⊘ ⊕ ⊕ ⊙ ⊕ ǂ ⊕ ⊕ ∴
⊡ ✖ ⊡ ✤ ⚫ ⚫ ✖ ⊡ ⬇ ⬇ ⬇ ⬇ ⚫ ❚ ✤ ⚫ ⚫ ❚ ⚫ ⬇ ✤ ✖ ⬇ ⊡ ⚫ ⬛ ⬛ ⊡ ǂ ǂ ⊘ ⊕ ⊙ ⊡ ✕ ✕ ∴ ⊕ ǂ ǂ ∴ ∴ ⊕ ǂ ⊕ ⊕ ǂ ✕ ⊡ ⊡
